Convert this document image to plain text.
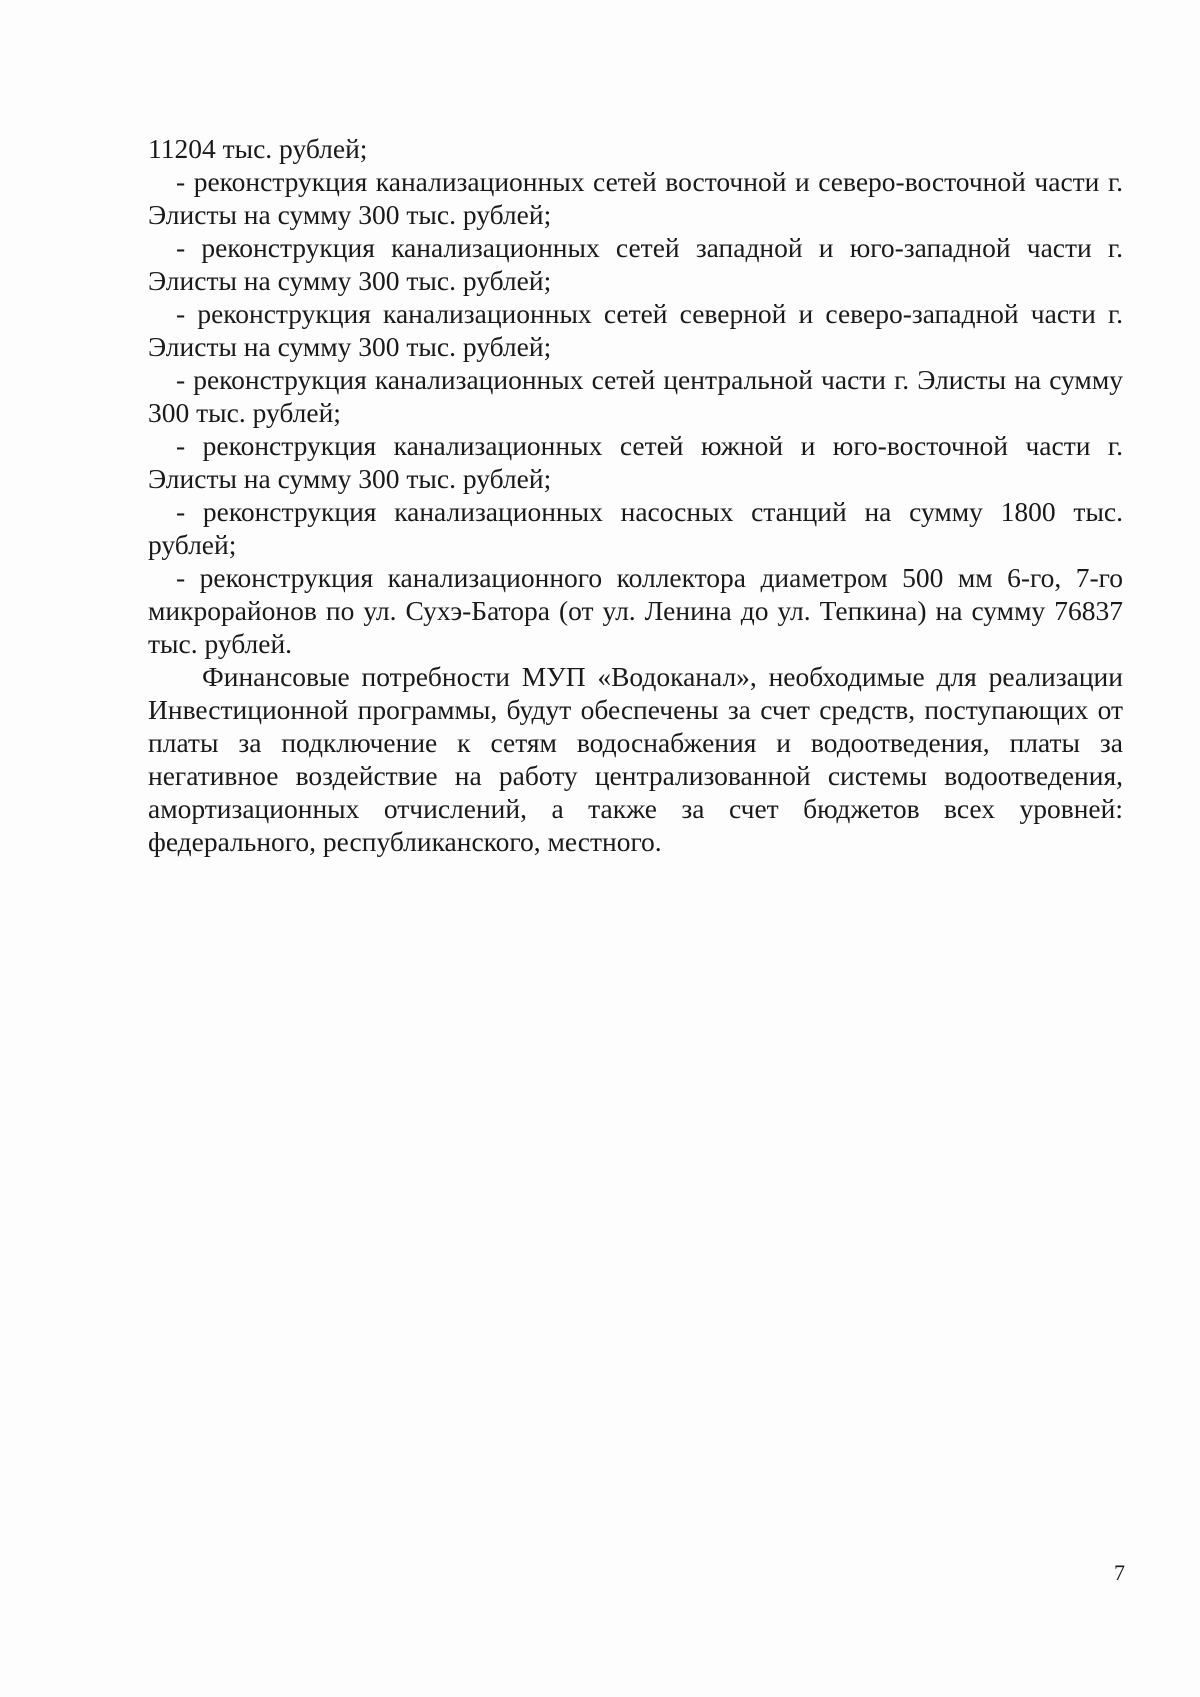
11204 тыс. рублей;

- реконструкция канализационных сетей восточной и северо-восточной части г. Элисты на сумму 300 тыс. рублей;

- реконструкция канализационных сетей западной и юго-западной части г. Элисты на сумму 300 тыс. рублей;

- реконструкция канализационных сетей северной и северо-западной части г. Элисты на сумму 300 тыс. рублей;

- реконструкция канализационных сетей центральной части г. Элисты на сумму 300 тыс. рублей;

- реконструкция канализационных сетей южной и юго-восточной части г. Элисты на сумму 300 тыс. рублей;

- реконструкция канализационных насосных станций на сумму 1800 тыс. рублей;

- реконструкция канализационного коллектора диаметром 500 мм 6-го, 7-го микрорайонов по ул. Сухэ-Батора (от ул. Ленина до ул. Тепкина) на сумму 76837 тыс. рублей.

Финансовые потребности МУП «Водоканал», необходимые для реализации Инвестиционной программы, будут обеспечены за счет средств, поступающих от платы за подключение к сетям водоснабжения и водоотведения, платы за негативное воздействие на работу централизованной системы водоотведения, амортизационных отчислений, а также за счет бюджетов всех уровней: федерального, республиканского, местного.

7
